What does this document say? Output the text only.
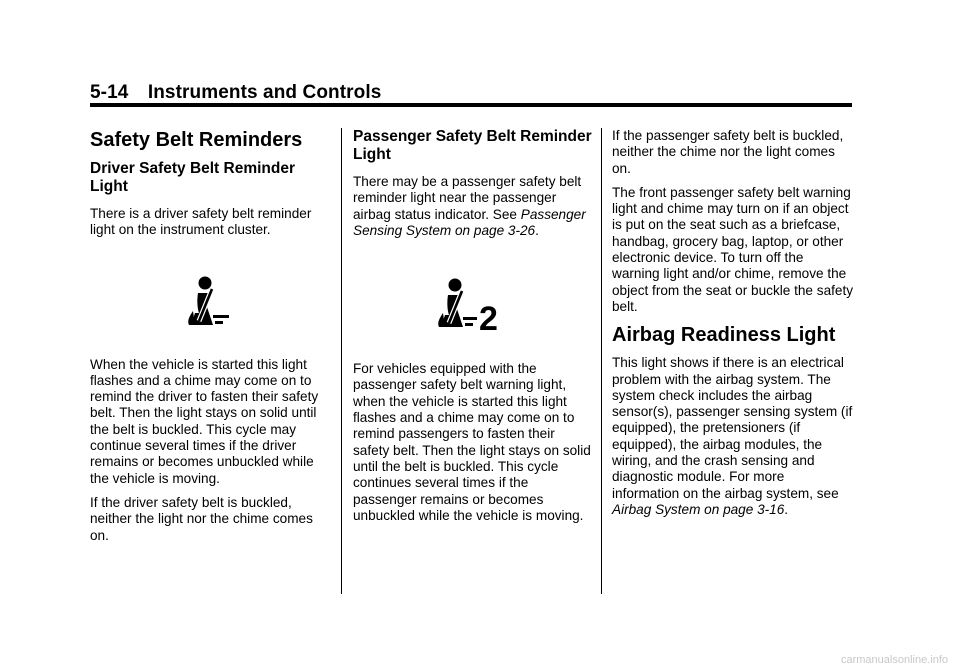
5-14 Instruments and Controls
Safety Belt Reminders
Driver Safety Belt Reminder Light

There is a driver safety belt reminder light on the instrument cluster.

When the vehicle is started this light flashes and a chime may come on to remind the driver to fasten their safety belt. Then the light stays on solid until the belt is buckled. This cycle may continue several times if the driver remains or becomes unbuckled while the vehicle is moving.

If the driver safety belt is buckled, neither the light nor the chime comes on.

Passenger Safety Belt Reminder Light

There may be a passenger safety belt reminder light near the passenger airbag status indicator. See Passenger Sensing System on page 3-26.

2

For vehicles equipped with the passenger safety belt warning light, when the vehicle is started this light flashes and a chime may come on to remind passengers to fasten their safety belt. Then the light stays on solid until the belt is buckled. This cycle continues several times if the passenger remains or becomes unbuckled while the vehicle is moving.

If the passenger safety belt is buckled, neither the chime nor the light comes on.

The front passenger safety belt warning light and chime may turn on if an object is put on the seat such as a briefcase, handbag, grocery bag, laptop, or other electronic device. To turn off the warning light and/or chime, remove the object from the seat or buckle the safety belt.

Airbag Readiness Light

This light shows if there is an electrical problem with the airbag system. The system check includes the airbag sensor(s), passenger sensing system (if equipped), the pretensioners (if equipped), the airbag modules, the wiring, and the crash sensing and diagnostic module. For more information on the airbag system, see Airbag System on page 3-16.

carmanualsonline.info
